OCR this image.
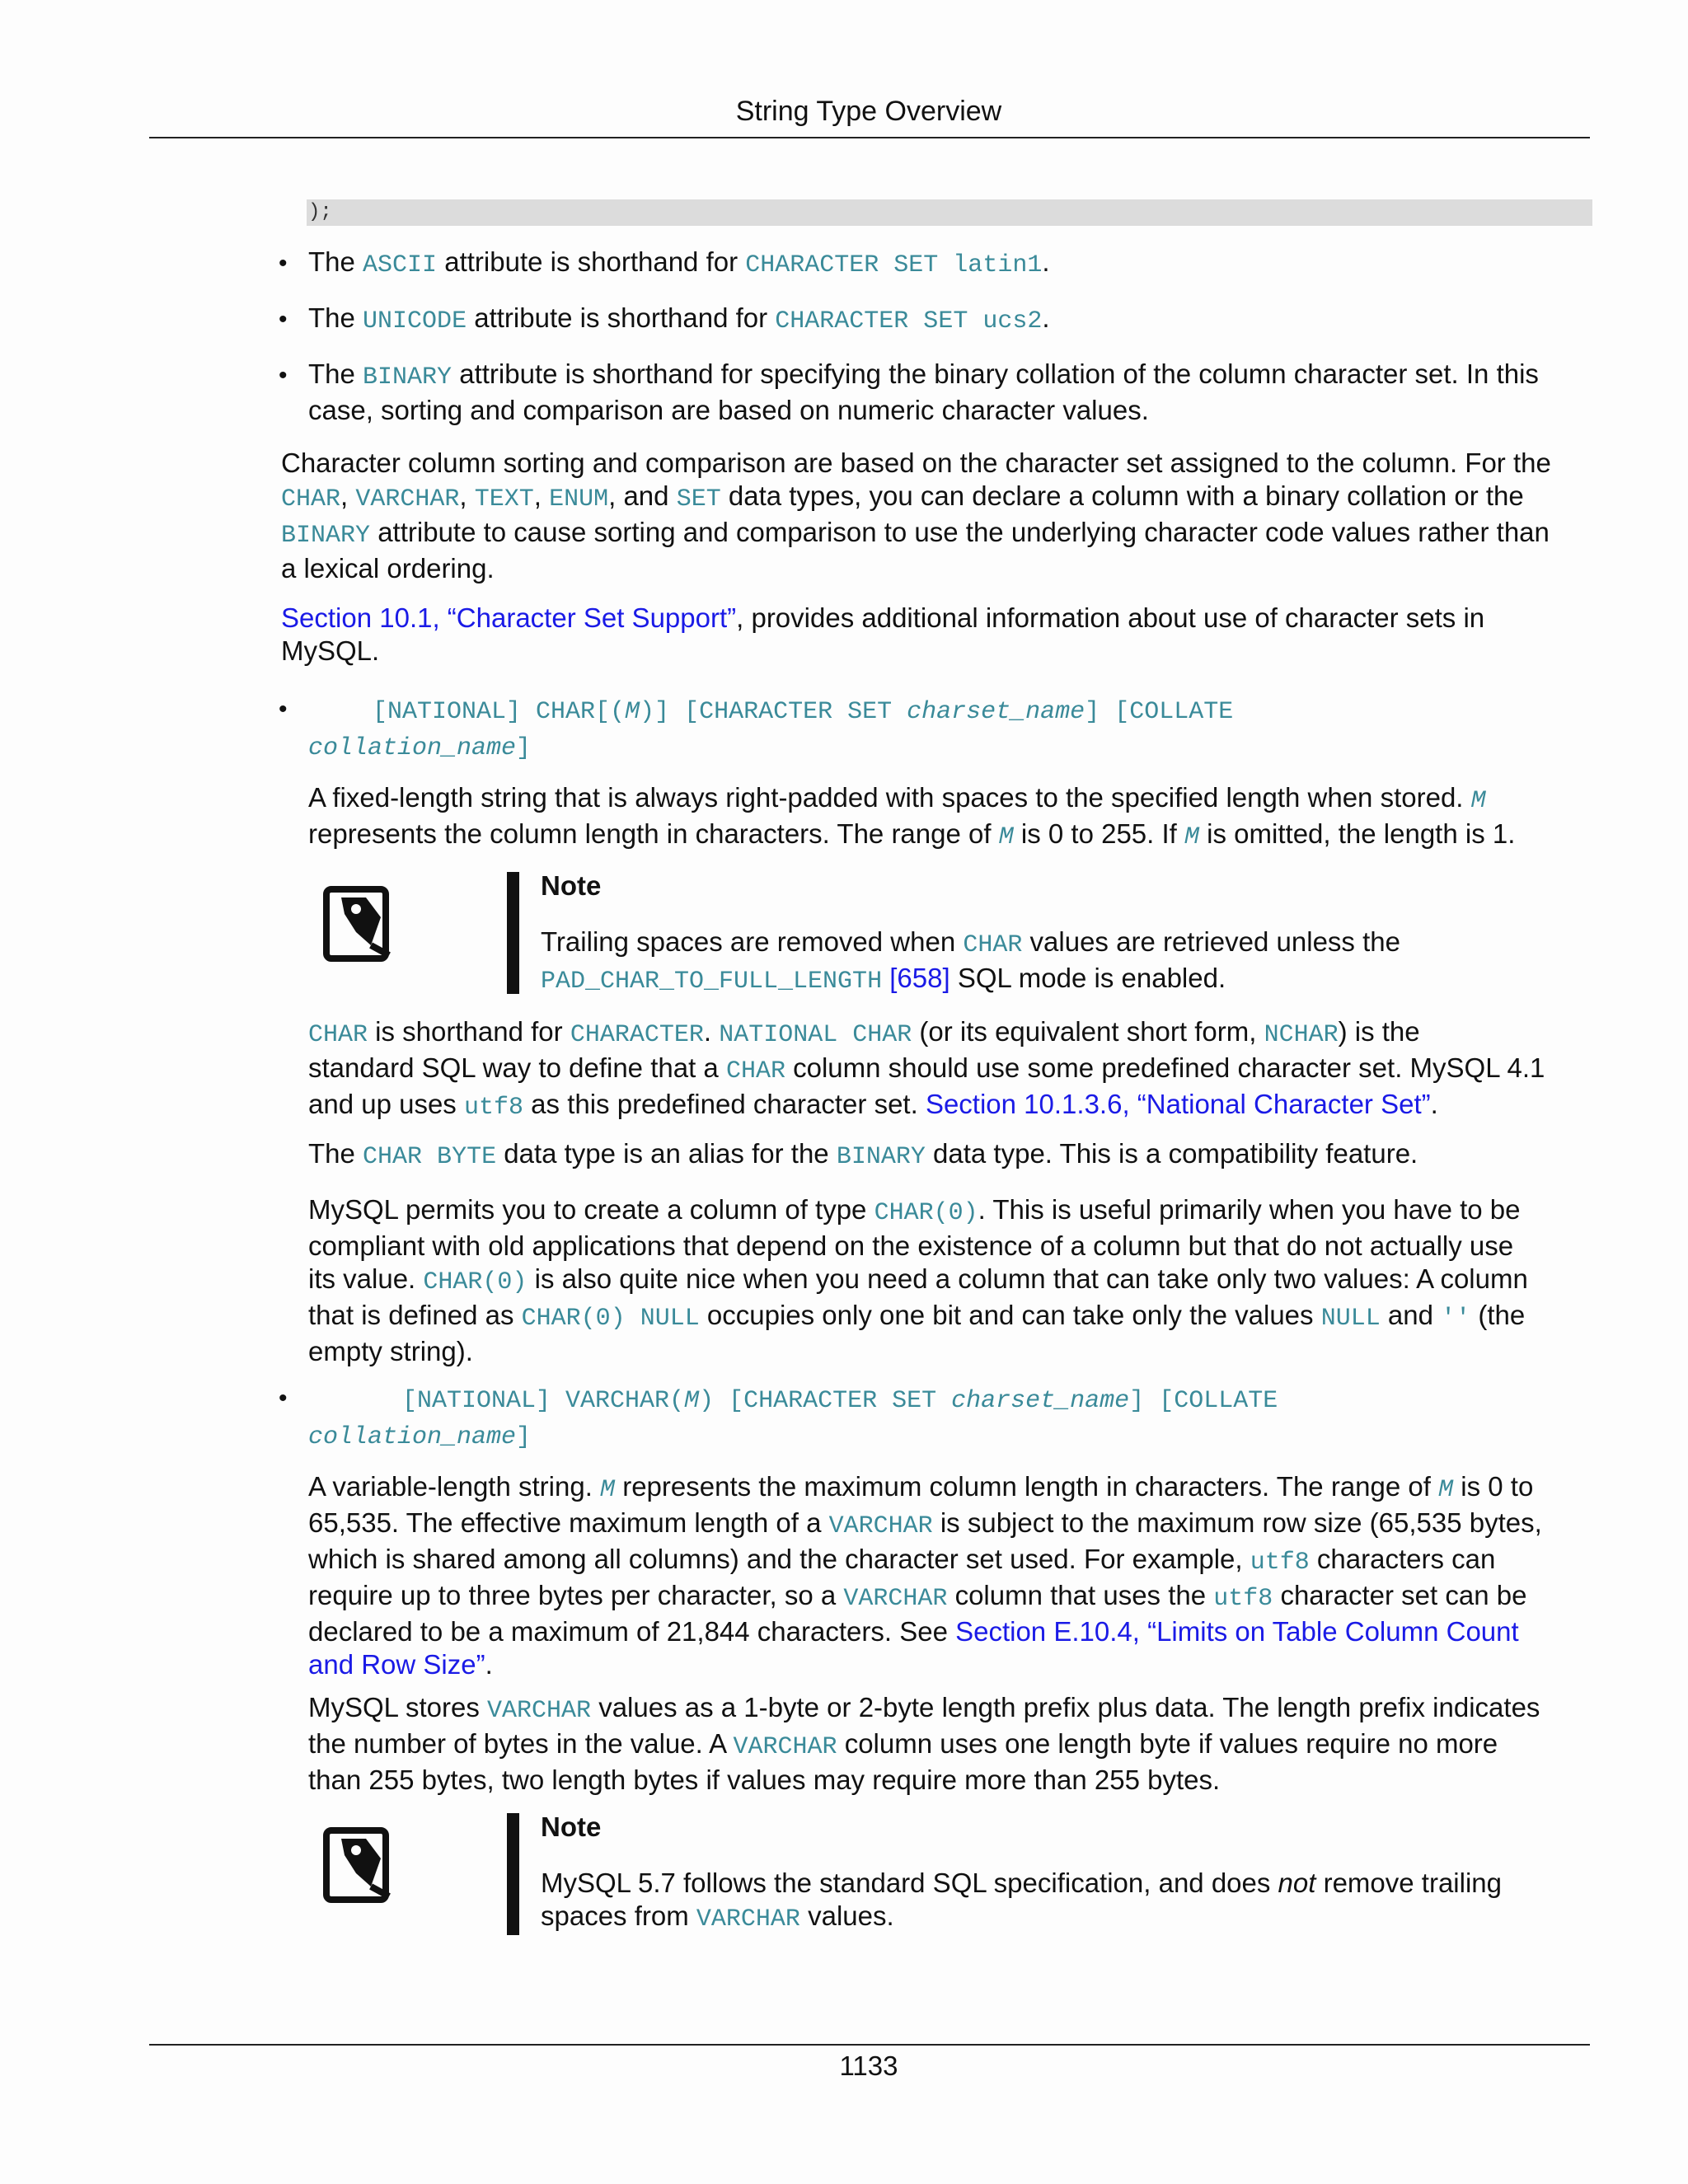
String Type Overview
);
• The ASCII attribute is shorthand for CHARACTER SET latin1.
• The UNICODE attribute is shorthand for CHARACTER SET ucs2.
• The BINARY attribute is shorthand for specifying the binary collation of the column character set. In this
case, sorting and comparison are based on numeric character values.
Character column sorting and comparison are based on the character set assigned to the column. For the
CHAR, VARCHAR, TEXT, ENUM, and SET data types, you can declare a column with a binary collation or the
BINARY attribute to cause sorting and comparison to use the underlying character code values rather than
a lexical ordering.
Section 10.1, “Character Set Support”, provides additional information about use of character sets in
MySQL.
•	[NATIONAL] CHAR[(M)] [CHARACTER SET charset_name] [COLLATE
collation_name]
A fixed-length string that is always right-padded with spaces to the specified length when stored. M
represents the column length in characters. The range of M is 0 to 255. If M is omitted, the length is 1.
Note
Trailing spaces are removed when CHAR values are retrieved unless the
PAD_CHAR_TO_FULL_LENGTH [658] SQL mode is enabled.
CHAR is shorthand for CHARACTER. NATIONAL CHAR (or its equivalent short form, NCHAR) is the
standard SQL way to define that a CHAR column should use some predefined character set. MySQL 4.1
and up uses utf8 as this predefined character set. Section 10.1.3.6, “National Character Set”.
The CHAR BYTE data type is an alias for the BINARY data type. This is a compatibility feature.
MySQL permits you to create a column of type CHAR(0). This is useful primarily when you have to be
compliant with old applications that depend on the existence of a column but that do not actually use
its value. CHAR(0) is also quite nice when you need a column that can take only two values: A column
that is defined as CHAR(0) NULL occupies only one bit and can take only the values NULL and '' (the
empty string).
•	[NATIONAL] VARCHAR(M) [CHARACTER SET charset_name] [COLLATE
collation_name]
A variable-length string. M represents the maximum column length in characters. The range of M is 0 to
65,535. The effective maximum length of a VARCHAR is subject to the maximum row size (65,535 bytes,
which is shared among all columns) and the character set used. For example, utf8 characters can
require up to three bytes per character, so a VARCHAR column that uses the utf8 character set can be
declared to be a maximum of 21,844 characters. See Section E.10.4, “Limits on Table Column Count
and Row Size”.
MySQL stores VARCHAR values as a 1-byte or 2-byte length prefix plus data. The length prefix indicates
the number of bytes in the value. A VARCHAR column uses one length byte if values require no more
than 255 bytes, two length bytes if values may require more than 255 bytes.
Note
MySQL 5.7 follows the standard SQL specification, and does not remove trailing
spaces from VARCHAR values.
1133
